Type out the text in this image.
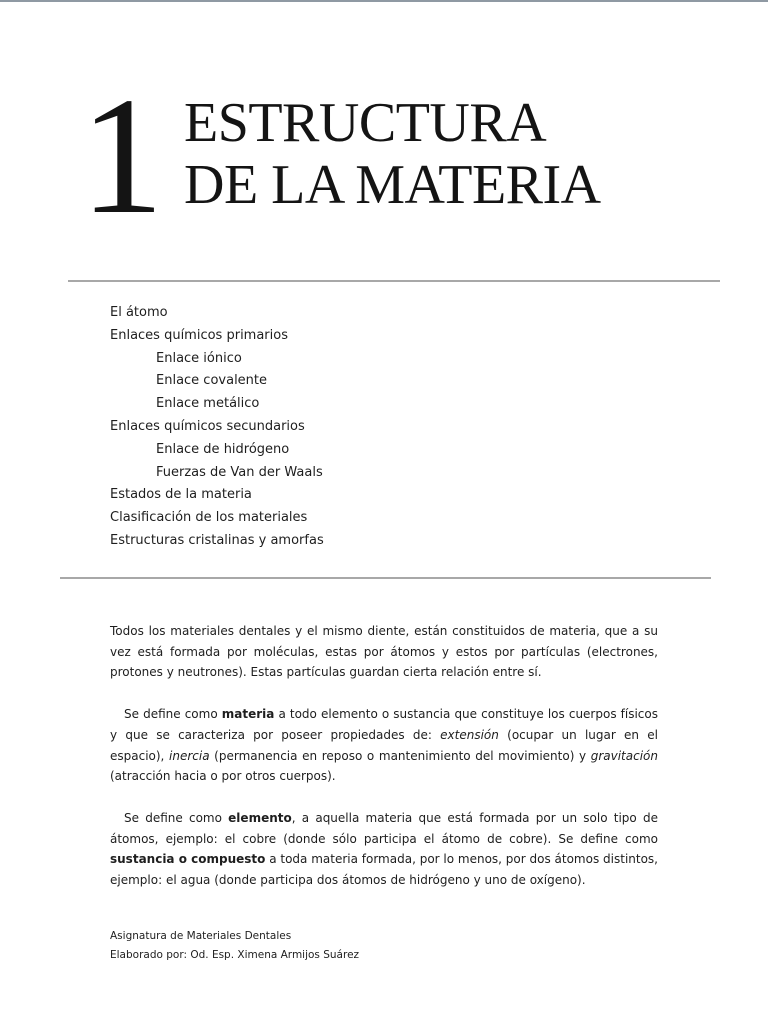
1 ESTRUCTURA
DE LA MATERIA
El átomo
Enlaces químicos primarios
Enlace iónico
Enlace covalente
Enlace metálico
Enlaces químicos secundarios
Enlace de hidrógeno
Fuerzas de Van der Waals
Estados de la materia
Clasificación de los materiales
Estructuras cristalinas y amorfas

Todos los materiales dentales y el mismo diente, están constituidos de materia, que a su vez está formada por moléculas, estas por átomos y estos por partículas (electrones, protones y neutrones). Estas partículas guardan cierta relación entre sí.

Se define como materia a todo elemento o sustancia que constituye los cuerpos físicos y que se caracteriza por poseer propiedades de: extensión (ocupar un lugar en el espacio), inercia (permanencia en reposo o mantenimiento del movimiento) y gravitación (atracción hacia o por otros cuerpos).

Se define como elemento, a aquella materia que está formada por un solo tipo de átomos, ejemplo: el cobre (donde sólo participa el átomo de cobre). Se define como sustancia o compuesto a toda materia formada, por lo menos, por dos átomos distintos, ejemplo: el agua (donde participa dos átomos de hidrógeno y uno de oxígeno).

Asignatura de Materiales Dentales
Elaborado por: Od. Esp. Ximena Armijos Suárez
